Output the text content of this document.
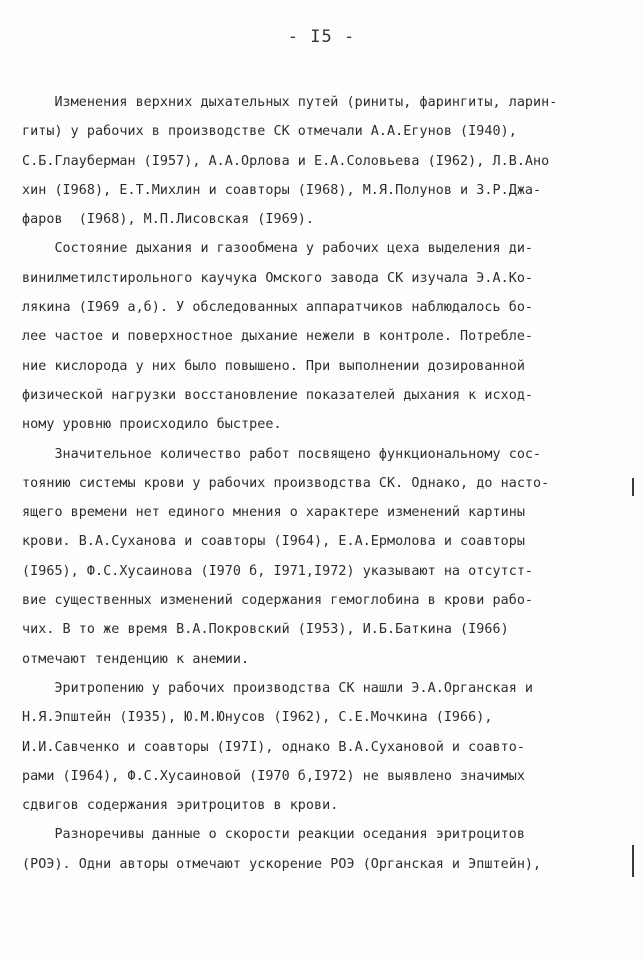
- I5 -
Изменения верхних дыхательных путей (риниты, фарингиты, ларин-
гиты) у рабочих в производстве СК отмечали А.А.Егунов (I940),
С.Б.Глауберман (I957), А.А.Орлова и Е.А.Соловьева (I962), Л.В.Ано
хин (I968), Е.Т.Михлин и соавторы (I968), М.Я.Полунов и З.Р.Джа-
фаров  (I968), М.П.Лисовская (I969).
Состояние дыхания и газообмена у рабочих цеха выделения ди-
винилметилстирольного каучука Омского завода СК изучала Э.А.Ко-
лякина (I969 а,б). У обследованных аппаратчиков наблюдалось бо-
лее частое и поверхностное дыхание нежели в контроле. Потребле-
ние кислорода у них было повышено. При выполнении дозированной
физической нагрузки восстановление показателей дыхания к исход-
ному уровню происходило быстрее.
Значительное количество работ посвящено функциональному сос-
тоянию системы крови у рабочих производства СК. Однако, до насто-
ящего времени нет единого мнения о характере изменений картины
крови. В.А.Суханова и соавторы (I964), Е.А.Ермолова и соавторы
(I965), Ф.С.Хусаинова (I970 б, I971,I972) указывают на отсутст-
вие существенных изменений содержания гемоглобина в крови рабо-
чих. В то же время В.А.Покровский (I953), И.Б.Баткина (I966)
отмечают тенденцию к анемии.
Эритропению у рабочих производства СК нашли Э.А.Органская и
Н.Я.Эпштейн (I935), Ю.М.Юнусов (I962), С.Е.Мочкина (I966),
И.И.Савченко и соавторы (I97I), однако В.А.Сухановой и соавто-
рами (I964), Ф.С.Хусаиновой (I970 б,I972) не выявлено значимых
сдвигов содержания эритроцитов в крови.
Разноречивы данные о скорости реакции оседания эритроцитов
(РОЭ). Одни авторы отмечают ускорение РОЭ (Органская и Эпштейн),
